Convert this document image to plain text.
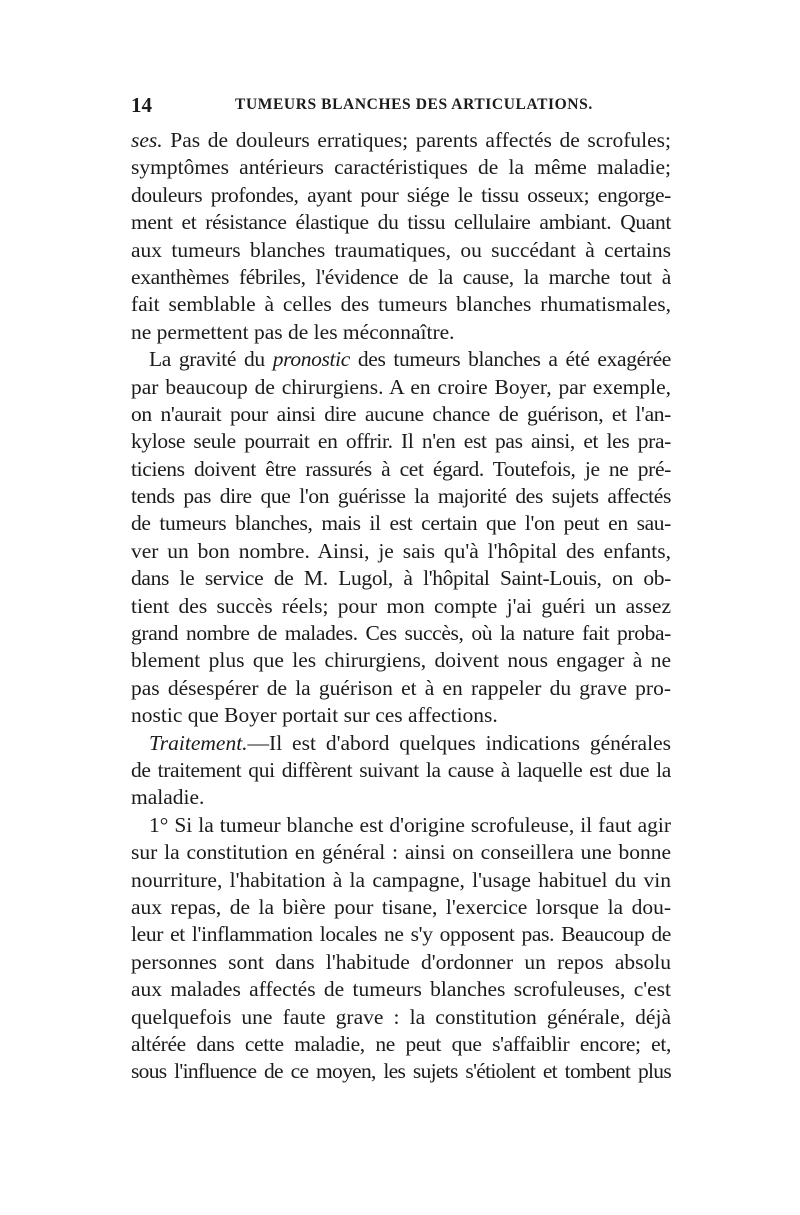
14	TUMEURS BLANCHES DES ARTICULATIONS.
ses. Pas de douleurs erratiques; parents affectés de scrofules;
symptômes antérieurs caractéristiques de la même maladie;
douleurs profondes, ayant pour siége le tissu osseux; engorge-
ment et résistance élastique du tissu cellulaire ambiant. Quant
aux tumeurs blanches traumatiques, ou succédant à certains
exanthèmes fébriles, l'évidence de la cause, la marche tout à
fait semblable à celles des tumeurs blanches rhumatismales,
ne permettent pas de les méconnaître.
La gravité du pronostic des tumeurs blanches a été exagérée
par beaucoup de chirurgiens. A en croire Boyer, par exemple,
on n'aurait pour ainsi dire aucune chance de guérison, et l'an-
kylose seule pourrait en offrir. Il n'en est pas ainsi, et les pra-
ticiens doivent être rassurés à cet égard. Toutefois, je ne pré-
tends pas dire que l'on guérisse la majorité des sujets affectés
de tumeurs blanches, mais il est certain que l'on peut en sau-
ver un bon nombre. Ainsi, je sais qu'à l'hôpital des enfants,
dans le service de M. Lugol, à l'hôpital Saint-Louis, on ob-
tient des succès réels; pour mon compte j'ai guéri un assez
grand nombre de malades. Ces succès, où la nature fait proba-
blement plus que les chirurgiens, doivent nous engager à ne
pas désespérer de la guérison et à en rappeler du grave pro-
nostic que Boyer portait sur ces affections.
Traitement.—Il est d'abord quelques indications générales
de traitement qui diffèrent suivant la cause à laquelle est due la
maladie.
1° Si la tumeur blanche est d'origine scrofuleuse, il faut agir
sur la constitution en général : ainsi on conseillera une bonne
nourriture, l'habitation à la campagne, l'usage habituel du vin
aux repas, de la bière pour tisane, l'exercice lorsque la dou-
leur et l'inflammation locales ne s'y opposent pas. Beaucoup de
personnes sont dans l'habitude d'ordonner un repos absolu
aux malades affectés de tumeurs blanches scrofuleuses, c'est
quelquefois une faute grave : la constitution générale, déjà
altérée dans cette maladie, ne peut que s'affaiblir encore; et,
sous l'influence de ce moyen, les sujets s'étiolent et tombent plus
